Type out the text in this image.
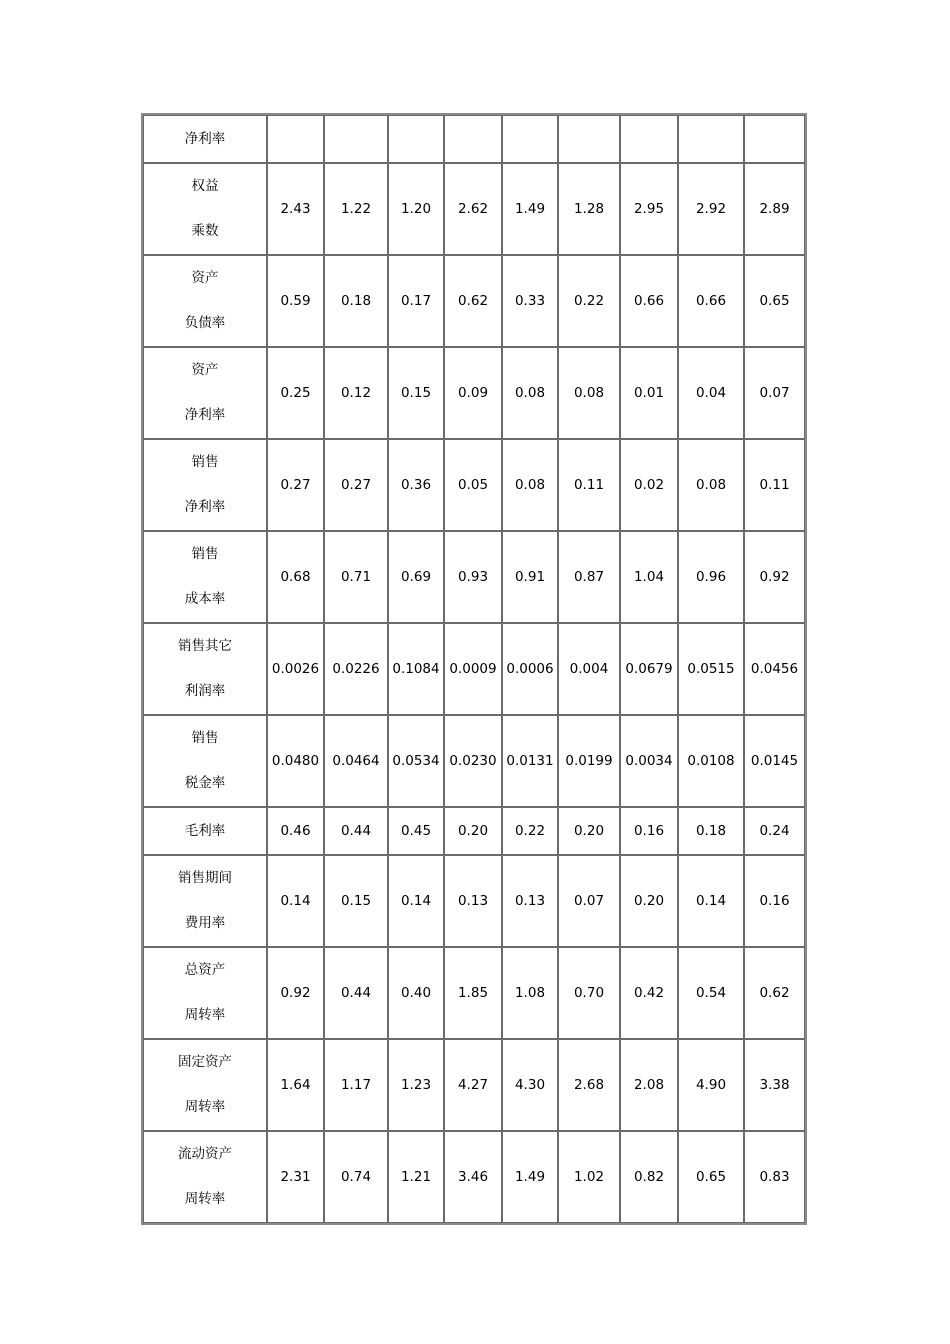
净利率									

权益
乘数	2.43	1.22	1.20	2.62	1.49	1.28	2.95	2.92	2.89

资产
负债率	0.59	0.18	0.17	0.62	0.33	0.22	0.66	0.66	0.65

资产
净利率	0.25	0.12	0.15	0.09	0.08	0.08	0.01	0.04	0.07

销售
净利率	0.27	0.27	0.36	0.05	0.08	0.11	0.02	0.08	0.11

销售
成本率	0.68	0.71	0.69	0.93	0.91	0.87	1.04	0.96	0.92

销售其它
利润率	0.0026	0.0226	0.1084	0.0009	0.0006	0.004	0.0679	0.0515	0.0456

销售
税金率	0.0480	0.0464	0.0534	0.0230	0.0131	0.0199	0.0034	0.0108	0.0145

毛利率	0.46	0.44	0.45	0.20	0.22	0.20	0.16	0.18	0.24

销售期间
费用率	0.14	0.15	0.14	0.13	0.13	0.07	0.20	0.14	0.16

总资产
周转率	0.92	0.44	0.40	1.85	1.08	0.70	0.42	0.54	0.62

固定资产
周转率	1.64	1.17	1.23	4.27	4.30	2.68	2.08	4.90	3.38

流动资产
周转率	2.31	0.74	1.21	3.46	1.49	1.02	0.82	0.65	0.83
